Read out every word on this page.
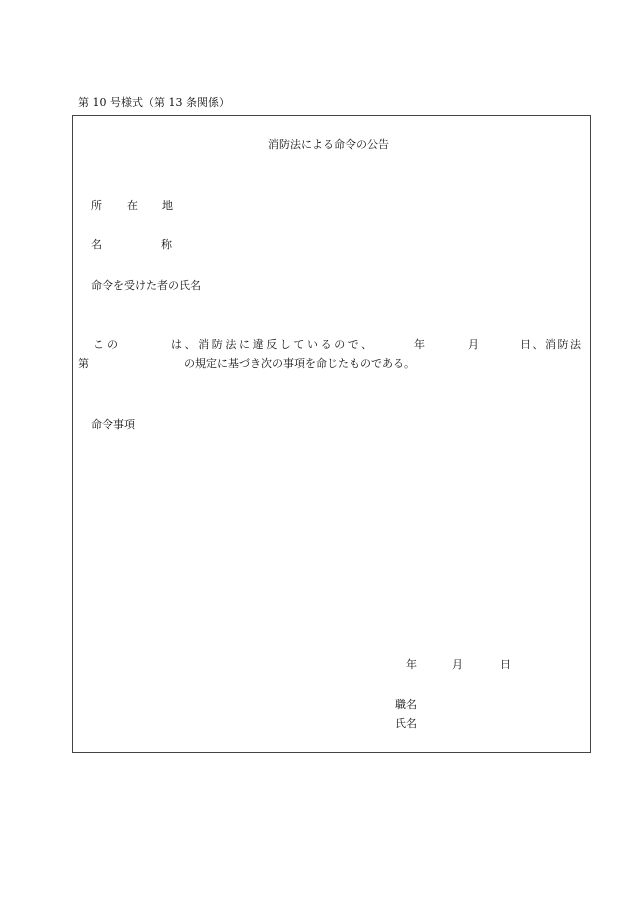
第 10 号様式（第 13 条関係）
消防法による命令の公告
所 在 地
名	称
命令を受けた者の氏名
この	は、消防法に違反しているので、	年	月	日、消防法
第	の規定に基づき次の事項を命じたものである。
命令事項
年	月	日
職名
氏名
